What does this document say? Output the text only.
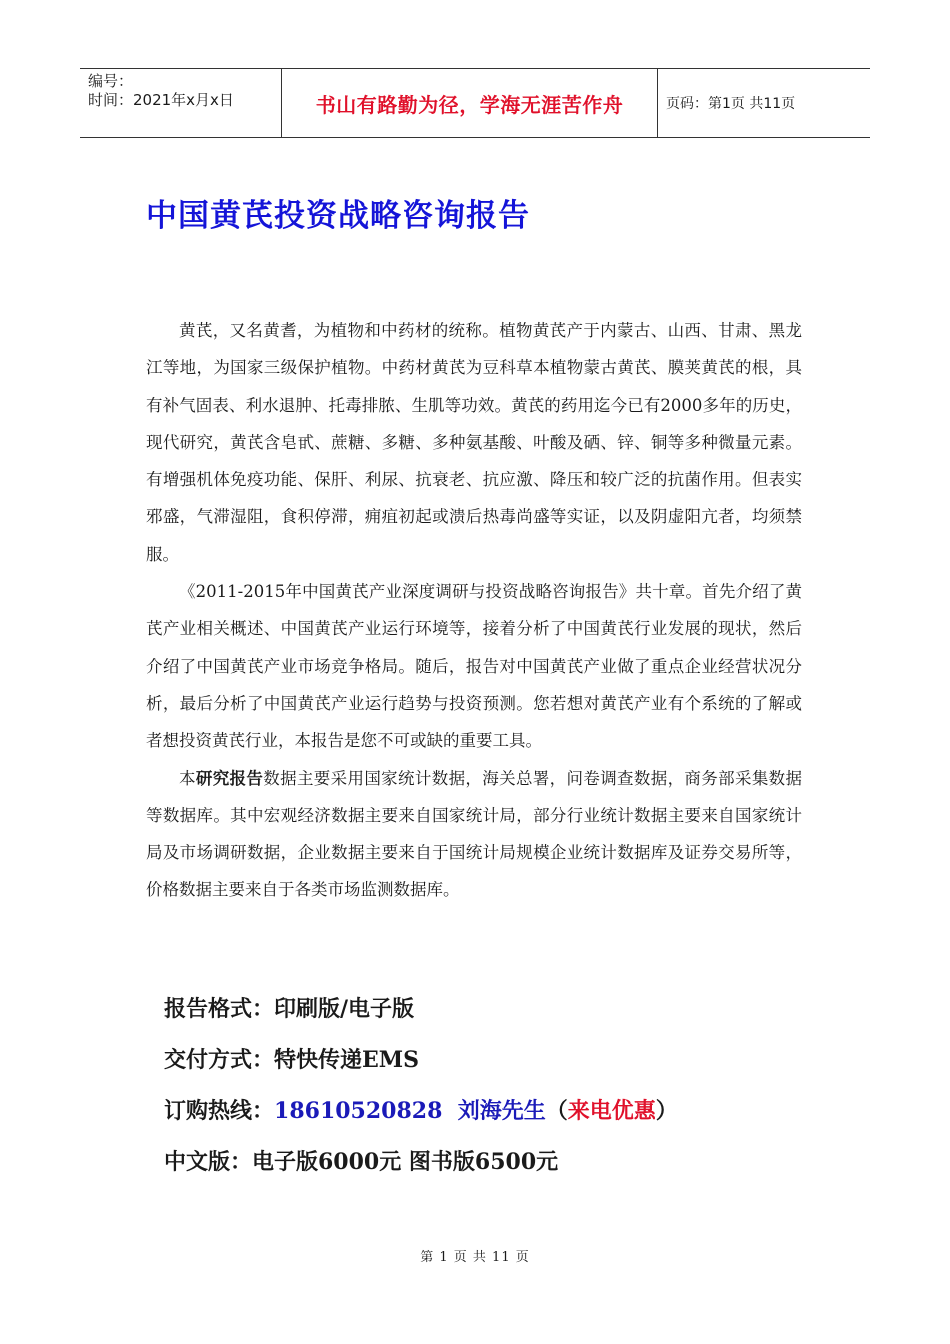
编号：
时间：2021年x月x日	书山有路勤为径，学海无涯苦作舟	页码：第1页 共11页
中国黄芪投资战略咨询报告

黄芪，又名黄耆，为植物和中药材的统称。植物黄芪产于内蒙古、山西、甘肃、黑龙江等地，为国家三级保护植物。中药材黄芪为豆科草本植物蒙古黄芪、膜荚黄芪的根，具有补气固表、利水退肿、托毒排脓、生肌等功效。黄芪的药用迄今已有2000多年的历史，现代研究，黄芪含皂甙、蔗糖、多糖、多种氨基酸、叶酸及硒、锌、铜等多种微量元素。有增强机体免疫功能、保肝、利尿、抗衰老、抗应激、降压和较广泛的抗菌作用。但表实邪盛，气滞湿阻，食积停滞，痈疽初起或溃后热毒尚盛等实证，以及阴虚阳亢者，均须禁服。

《2011-2015年中国黄芪产业深度调研与投资战略咨询报告》共十章。首先介绍了黄芪产业相关概述、中国黄芪产业运行环境等，接着分析了中国黄芪行业发展的现状，然后介绍了中国黄芪产业市场竞争格局。随后，报告对中国黄芪产业做了重点企业经营状况分析，最后分析了中国黄芪产业运行趋势与投资预测。您若想对黄芪产业有个系统的了解或者想投资黄芪行业，本报告是您不可或缺的重要工具。

本研究报告数据主要采用国家统计数据，海关总署，问卷调查数据，商务部采集数据等数据库。其中宏观经济数据主要来自国家统计局，部分行业统计数据主要来自国家统计局及市场调研数据，企业数据主要来自于国统计局规模企业统计数据库及证券交易所等，价格数据主要来自于各类市场监测数据库。

报告格式：印刷版/电子版
交付方式：特快传递EMS
订购热线：18610520828 刘海先生（来电优惠）
中文版：电子版6000元 图书版6500元
第 1 页 共 11 页
